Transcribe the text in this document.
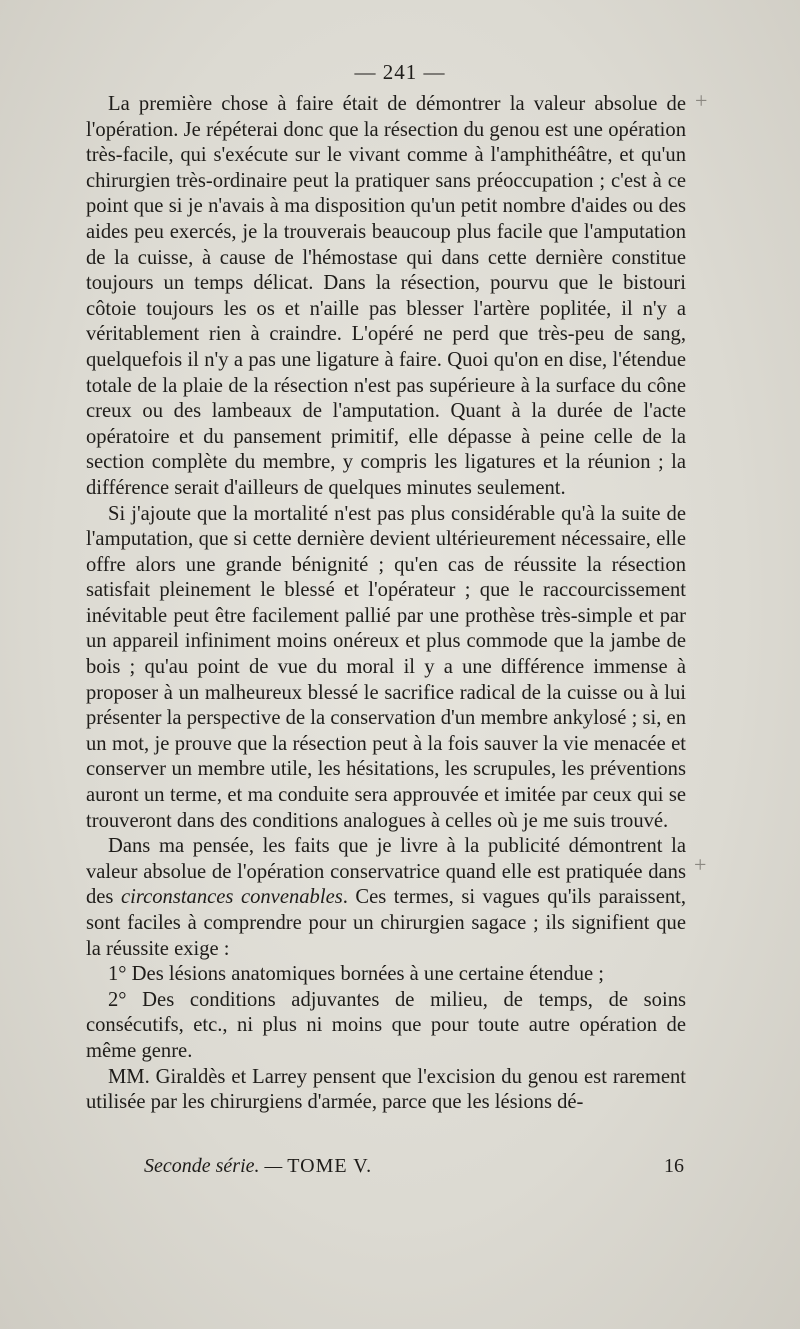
— 241 —

La première chose à faire était de démontrer la valeur absolue de l'opération. Je répéterai donc que la résection du genou est une opération très-facile, qui s'exécute sur le vivant comme à l'amphithéâtre, et qu'un chirurgien très-ordinaire peut la pratiquer sans préoccupation ; c'est à ce point que si je n'avais à ma disposition qu'un petit nombre d'aides ou des aides peu exercés, je la trouverais beaucoup plus facile que l'amputation de la cuisse, à cause de l'hémostase qui dans cette dernière constitue toujours un temps délicat. Dans la résection, pourvu que le bistouri côtoie toujours les os et n'aille pas blesser l'artère poplitée, il n'y a véritablement rien à craindre. L'opéré ne perd que très-peu de sang, quelquefois il n'y a pas une ligature à faire. Quoi qu'on en dise, l'étendue totale de la plaie de la résection n'est pas supérieure à la surface du cône creux ou des lambeaux de l'amputation. Quant à la durée de l'acte opératoire et du pansement primitif, elle dépasse à peine celle de la section complète du membre, y compris les ligatures et la réunion ; la différence serait d'ailleurs de quelques minutes seulement.

Si j'ajoute que la mortalité n'est pas plus considérable qu'à la suite de l'amputation, que si cette dernière devient ultérieurement nécessaire, elle offre alors une grande bénignité ; qu'en cas de réussite la résection satisfait pleinement le blessé et l'opérateur ; que le raccourcissement inévitable peut être facilement pallié par une prothèse très-simple et par un appareil infiniment moins onéreux et plus commode que la jambe de bois ; qu'au point de vue du moral il y a une différence immense à proposer à un malheureux blessé le sacrifice radical de la cuisse ou à lui présenter la perspective de la conservation d'un membre ankylosé ; si, en un mot, je prouve que la résection peut à la fois sauver la vie menacée et conserver un membre utile, les hésitations, les scrupules, les préventions auront un terme, et ma conduite sera approuvée et imitée par ceux qui se trouveront dans des conditions analogues à celles où je me suis trouvé.

Dans ma pensée, les faits que je livre à la publicité démontrent la valeur absolue de l'opération conservatrice quand elle est pratiquée dans des circonstances convenables. Ces termes, si vagues qu'ils paraissent, sont faciles à comprendre pour un chirurgien sagace ; ils signifient que la réussite exige :

1° Des lésions anatomiques bornées à une certaine étendue ;

2° Des conditions adjuvantes de milieu, de temps, de soins consécutifs, etc., ni plus ni moins que pour toute autre opération de même genre.

MM. Giraldès et Larrey pensent que l'excision du genou est rarement utilisée par les chirurgiens d'armée, parce que les lésions dé-

Seconde série. — TOME V.	16
+
+
